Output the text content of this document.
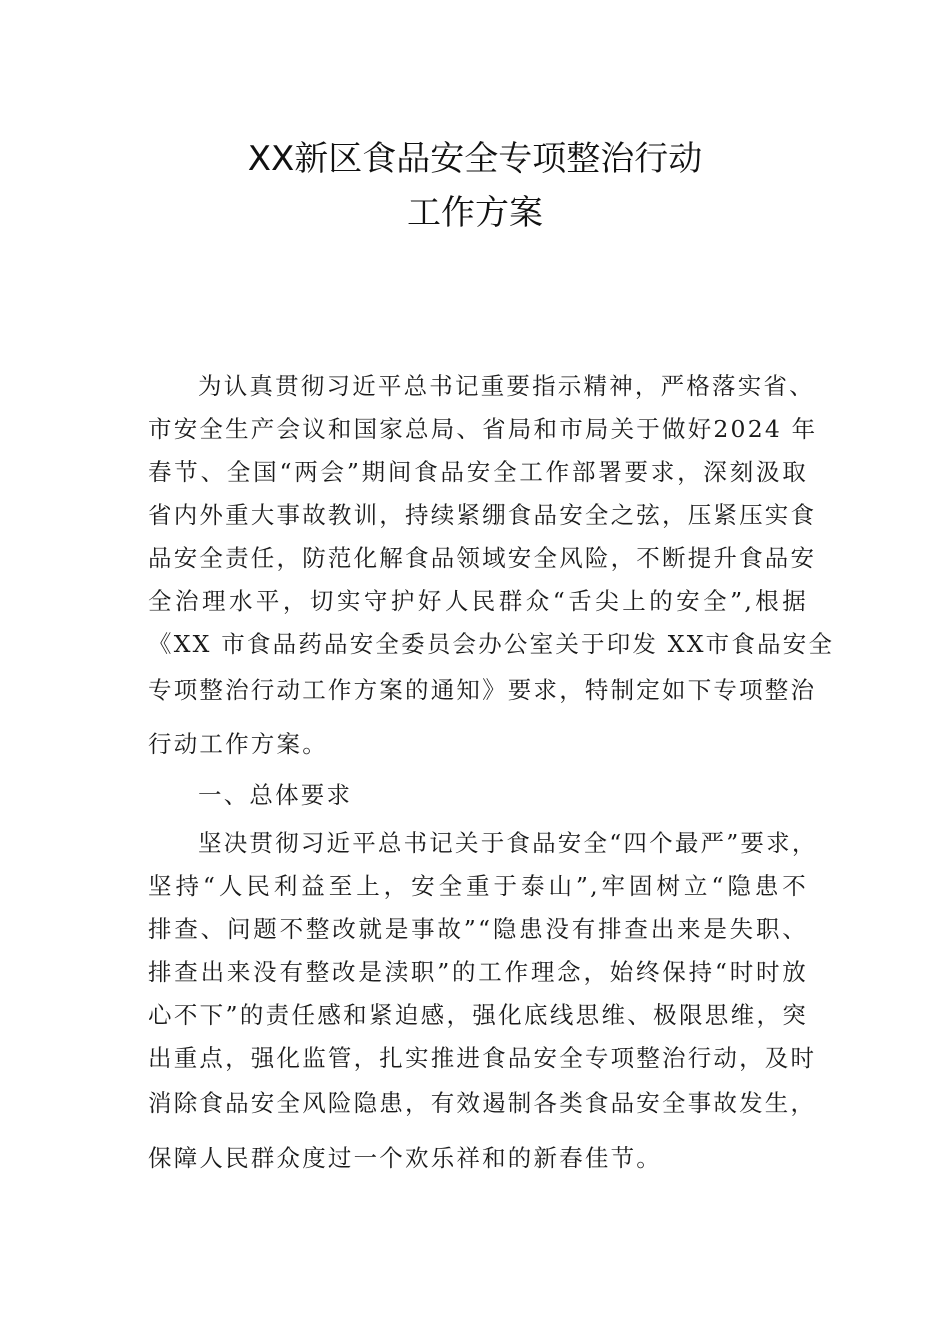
XX新区食品安全专项整治行动
工作方案
为认真贯彻习近平总书记重要指示精神，严格落实省、
市安全生产会议和国家总局、省局和市局关于做好2024 年
春节、全国“两会”期间食品安全工作部署要求，深刻汲取
省内外重大事故教训，持续紧绷食品安全之弦，压紧压实食
品安全责任，防范化解食品领域安全风险，不断提升食品安
全治理水平，切实守护好人民群众“舌尖上的安全”,根据
《XX 市食品药品安全委员会办公室关于印发 XX市食品安全
专项整治行动工作方案的通知》要求，特制定如下专项整治
行动工作方案。
一、总体要求
坚决贯彻习近平总书记关于食品安全“四个最严”要求，
坚持“人民利益至上，安全重于泰山”,牢固树立“隐患不
排查、问题不整改就是事故”“隐患没有排查出来是失职、
排查出来没有整改是渎职”的工作理念，始终保持“时时放
心不下”的责任感和紧迫感，强化底线思维、极限思维，突
出重点，强化监管，扎实推进食品安全专项整治行动，及时
消除食品安全风险隐患，有效遏制各类食品安全事故发生，
保障人民群众度过一个欢乐祥和的新春佳节。
